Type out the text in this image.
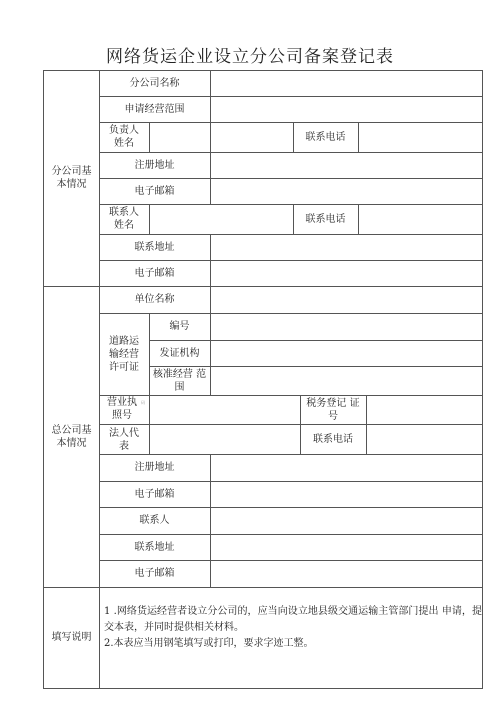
网络货运企业设立分公司备案登记表
分公司基 本情况
分公司名称
申请经营范围
负责人 姓名
联系电话
注册地址
电子邮箱
联系人 姓名
联系电话
联系地址
电子邮箱
总公司基 本情况
单位名称
道路运 输经营 许可证
编号
发证机构
核准经营 范围
营业执 照号
码	税务登记 证号
法人代 表
联系电话
注册地址
电子邮箱
联系人
联系地址
电子邮箱
填写说明

1 .网络货运经营者设立分公司的，应当向设立地县级交通运输主管部门提出 申请，提交本表，并同时提供相关材料。

2.本表应当用钢笔填写或打印，要求字迹工整。
